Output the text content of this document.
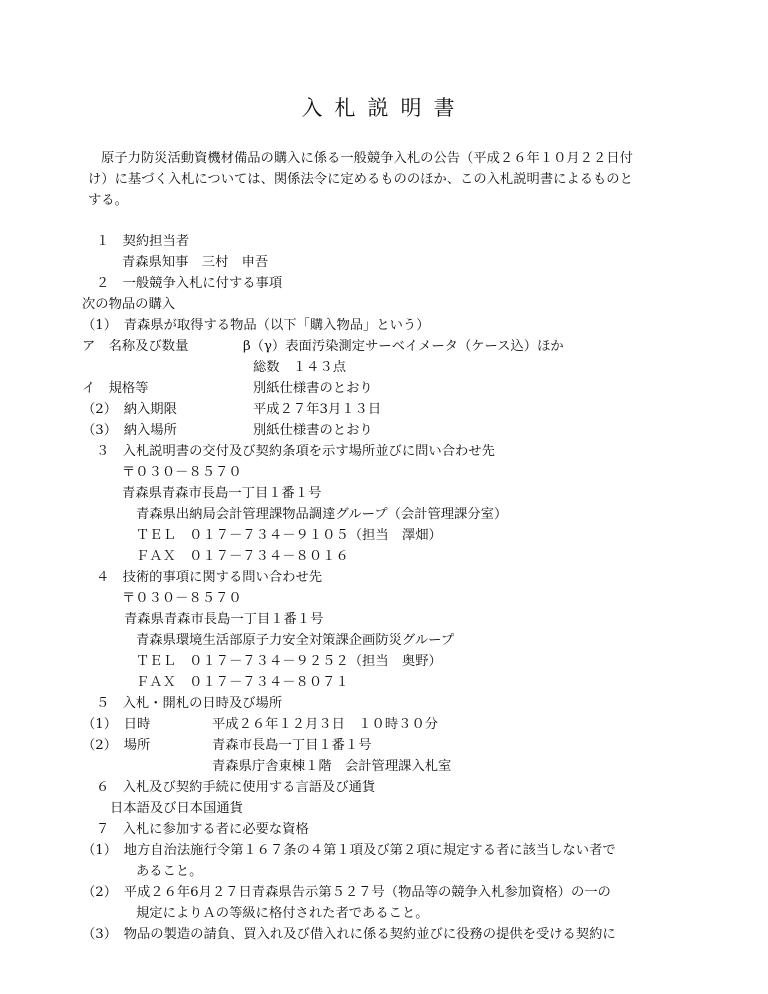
入札説明書
原子力防災活動資機材備品の購入に係る一般競争入札の公告（平成２６年１０月２２日付
け）に基づく入札については、関係法令に定めるもののほか、この入札説明書によるものと
する。
１　契約担当者
青森県知事　三村　申吾
２　一般競争入札に付する事項
次の物品の購入
（1）　青森県が取得する物品（以下「購入物品」という）
ア　名称及び数量	β（γ）表面汚染測定サーベイメータ（ケース込）ほか
総数　１４３点
イ　規格等	別紙仕様書のとおり
（2）　納入期限	平成２７年3月１３日
（3）　納入場所	別紙仕様書のとおり
３　入札説明書の交付及び契約条項を示す場所並びに問い合わせ先
〒０３０－８５７０
青森県青森市長島一丁目１番１号
青森県出納局会計管理課物品調達グループ（会計管理課分室）
ＴＥＬ　０１７－７３４－９１０５（担当　澤畑）
ＦＡＸ　０１７－７３４－８０１６
４　技術的事項に関する問い合わせ先
〒０３０－８５７０
青森県青森市長島一丁目１番１号
青森県環境生活部原子力安全対策課企画防災グループ
ＴＥＬ　０１７－７３４－９２５２（担当　奥野）
ＦＡＸ　０１７－７３４－８０７１
５　入札・開札の日時及び場所
（1）　日時	平成２６年１２月３日　１０時３０分
（2）　場所	青森市長島一丁目１番１号
青森県庁舎東棟１階　会計管理課入札室
６　入札及び契約手続に使用する言語及び通貨
日本語及び日本国通貨
７　入札に参加する者に必要な資格
（1）　地方自治法施行令第１６７条の４第１項及び第２項に規定する者に該当しない者で
あること。
（2）　平成２６年6月２７日青森県告示第５２７号（物品等の競争入札参加資格）の一の
規定によりＡの等級に格付された者であること。
（3）　物品の製造の請負、買入れ及び借入れに係る契約並びに役務の提供を受ける契約に
